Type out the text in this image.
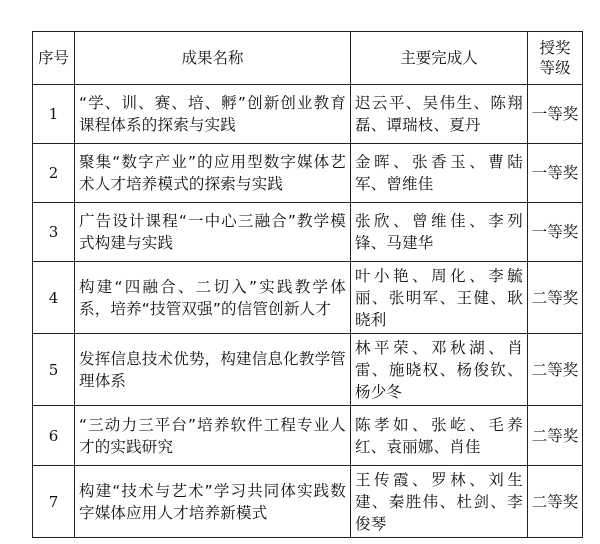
序号	成果名称	主要完成人	授奖
等级

1	“学、训、赛、培、孵”创新创业教育课程体系的探索与实践	迟云平、吴伟生、陈翔磊、谭瑞枝、夏丹	一等奖
2	聚集“数字产业”的应用型数字媒体艺术人才培养模式的探索与实践	金晖、张香玉、曹陆军、曾维佳	一等奖
3	广告设计课程“一中心三融合”教学模式构建与实践	张欣、曾维佳、李列锋、马建华	一等奖
4	构建“四融合、二切入”实践教学体系，培养“技管双强”的信管创新人才	叶小艳、周化、李毓丽、张明军、王健、耿晓利	二等奖
5	发挥信息技术优势，构建信息化教学管理体系	林平荣、邓秋湖、肖雷、施晓权、杨俊钦、杨少冬	二等奖
6	“三动力三平台”培养软件工程专业人才的实践研究	陈孝如、张屹、毛养红、袁丽娜、肖佳	二等奖
7	构建“技术与艺术”学习共同体实践数字媒体应用人才培养新模式	王传霞、罗林、刘生建、秦胜伟、杜剑、李俊琴	二等奖
